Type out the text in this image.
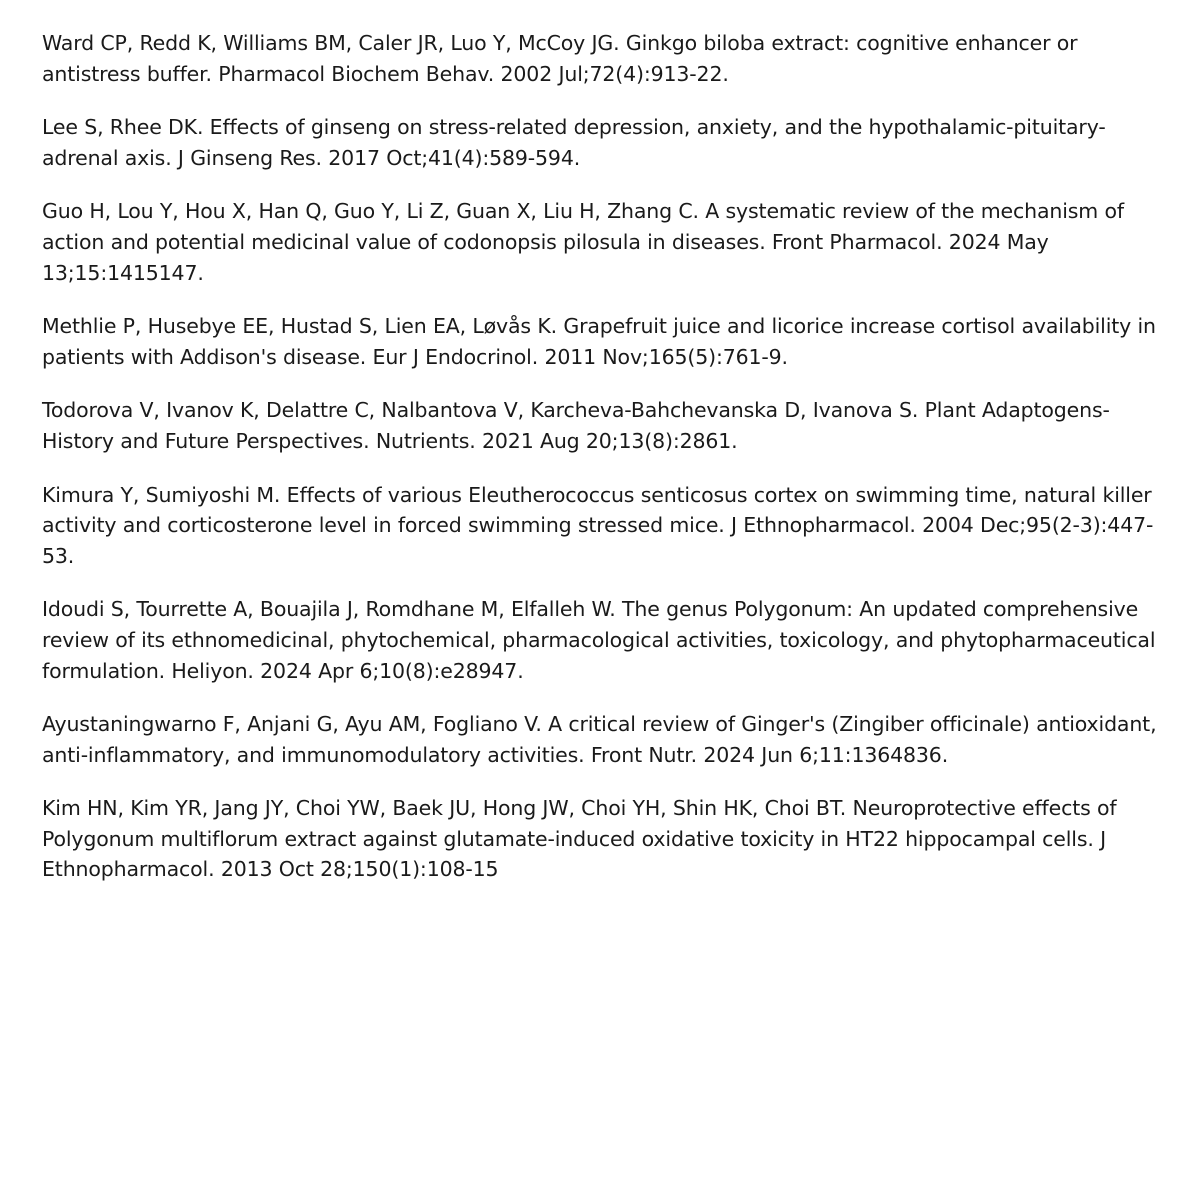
Ward CP, Redd K, Williams BM, Caler JR, Luo Y, McCoy JG. Ginkgo biloba extract: cognitive enhancer or antistress buffer. Pharmacol Biochem Behav. 2002 Jul;72(4):913-22.

Lee S, Rhee DK. Effects of ginseng on stress-related depression, anxiety, and the hypothalamic-pituitary-adrenal axis. J Ginseng Res. 2017 Oct;41(4):589-594.

Guo H, Lou Y, Hou X, Han Q, Guo Y, Li Z, Guan X, Liu H, Zhang C. A systematic review of the mechanism of action and potential medicinal value of codonopsis pilosula in diseases. Front Pharmacol. 2024 May 13;15:1415147.

Methlie P, Husebye EE, Hustad S, Lien EA, Løvås K. Grapefruit juice and licorice increase cortisol availability in patients with Addison's disease. Eur J Endocrinol. 2011 Nov;165(5):761-9.

Todorova V, Ivanov K, Delattre C, Nalbantova V, Karcheva-Bahchevanska D, Ivanova S. Plant Adaptogens-History and Future Perspectives. Nutrients. 2021 Aug 20;13(8):2861.

Kimura Y, Sumiyoshi M. Effects of various Eleutherococcus senticosus cortex on swimming time, natural killer activity and corticosterone level in forced swimming stressed mice. J Ethnopharmacol. 2004 Dec;95(2-3):447-53.

Idoudi S, Tourrette A, Bouajila J, Romdhane M, Elfalleh W. The genus Polygonum: An updated comprehensive review of its ethnomedicinal, phytochemical, pharmacological activities, toxicology, and phytopharmaceutical formulation. Heliyon. 2024 Apr 6;10(8):e28947.

Ayustaningwarno F, Anjani G, Ayu AM, Fogliano V. A critical review of Ginger's (Zingiber officinale) antioxidant, anti-inflammatory, and immunomodulatory activities. Front Nutr. 2024 Jun 6;11:1364836.

Kim HN, Kim YR, Jang JY, Choi YW, Baek JU, Hong JW, Choi YH, Shin HK, Choi BT. Neuroprotective effects of Polygonum multiflorum extract against glutamate-induced oxidative toxicity in HT22 hippocampal cells. J Ethnopharmacol. 2013 Oct 28;150(1):108-15
